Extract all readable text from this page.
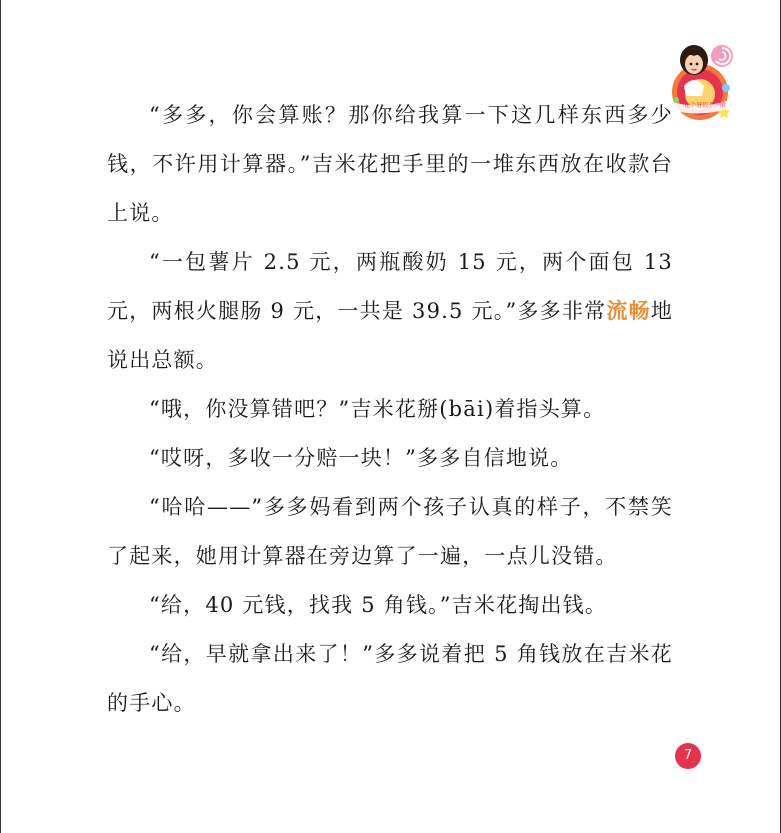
让个暑假不一般

“多多，你会算账？那你给我算一下这几样东西多少钱，不许用计算器。”吉米花把手里的一堆东西放在收款台上说。

“一包薯片 2.5 元，两瓶酸奶 15 元，两个面包 13 元，两根火腿肠 9 元，一共是 39.5 元。”多多非常流畅地说出总额。

“哦，你没算错吧？”吉米花掰(bāi)着指头算。

“哎呀，多收一分赔一块！”多多自信地说。

“哈哈——”多多妈看到两个孩子认真的样子，不禁笑了起来，她用计算器在旁边算了一遍，一点儿没错。

“给，40 元钱，找我 5 角钱。”吉米花掏出钱。

“给，早就拿出来了！”多多说着把 5 角钱放在吉米花的手心。

7
